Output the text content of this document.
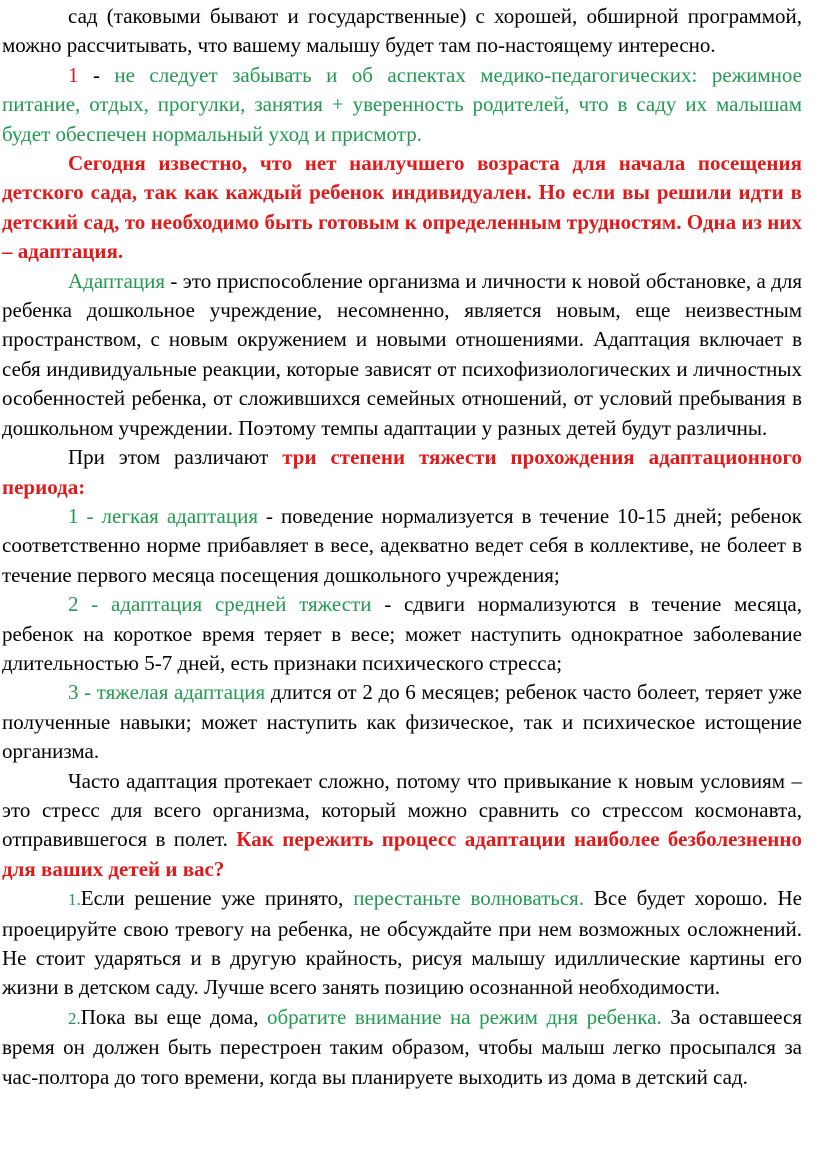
сад (таковыми бывают и государственные) с хорошей, обширной программой, можно рассчитывать, что вашему малышу будет там по-настоящему интересно.

1 - не следует забывать и об аспектах медико-педагогических: режимное питание, отдых, прогулки, занятия + уверенность родителей, что в саду их малышам будет обеспечен нормальный уход и присмотр.

Сегодня известно, что нет наилучшего возраста для начала посещения детского сада, так как каждый ребенок индивидуален. Но если вы решили идти в детский сад, то необходимо быть готовым к определенным трудностям. Одна из них – адаптация.

Адаптация - это приспособление организма и личности к новой обстановке, а для ребенка дошкольное учреждение, несомненно, является новым, еще неизвестным пространством, с новым окружением и новыми отношениями. Адаптация включает в себя индивидуальные реакции, которые зависят от психофизиологических и личностных особенностей ребенка, от сложившихся семейных отношений, от условий пребывания в дошкольном учреждении. Поэтому темпы адаптации у разных детей будут различны.

При этом различают три степени тяжести прохождения адаптационного периода:

1 - легкая адаптация - поведение нормализуется в течение 10-15 дней; ребенок соответственно норме прибавляет в весе, адекватно ведет себя в коллективе, не болеет в течение первого месяца посещения дошкольного учреждения;

2 - адаптация средней тяжести - сдвиги нормализуются в течение месяца, ребенок на короткое время теряет в весе; может наступить однократное заболевание длительностью 5-7 дней, есть признаки психического стресса;

3 - тяжелая адаптация длится от 2 до 6 месяцев; ребенок часто болеет, теряет уже полученные навыки; может наступить как физическое, так и психическое истощение организма.

Часто адаптация протекает сложно, потому что привыкание к новым условиям – это стресс для всего организма, который можно сравнить со стрессом космонавта, отправившегося в полет. Как пережить процесс адаптации наиболее безболезненно для ваших детей и вас?

1.Если решение уже принято, перестаньте волноваться. Все будет хорошо. Не проецируйте свою тревогу на ребенка, не обсуждайте при нем возможных осложнений. Не стоит ударяться и в другую крайность, рисуя малышу идиллические картины его жизни в детском саду. Лучше всего занять позицию осознанной необходимости.

2.Пока вы еще дома, обратите внимание на режим дня ребенка. За оставшееся время он должен быть перестроен таким образом, чтобы малыш легко просыпался за час-полтора до того времени, когда вы планируете выходить из дома в детский сад.
